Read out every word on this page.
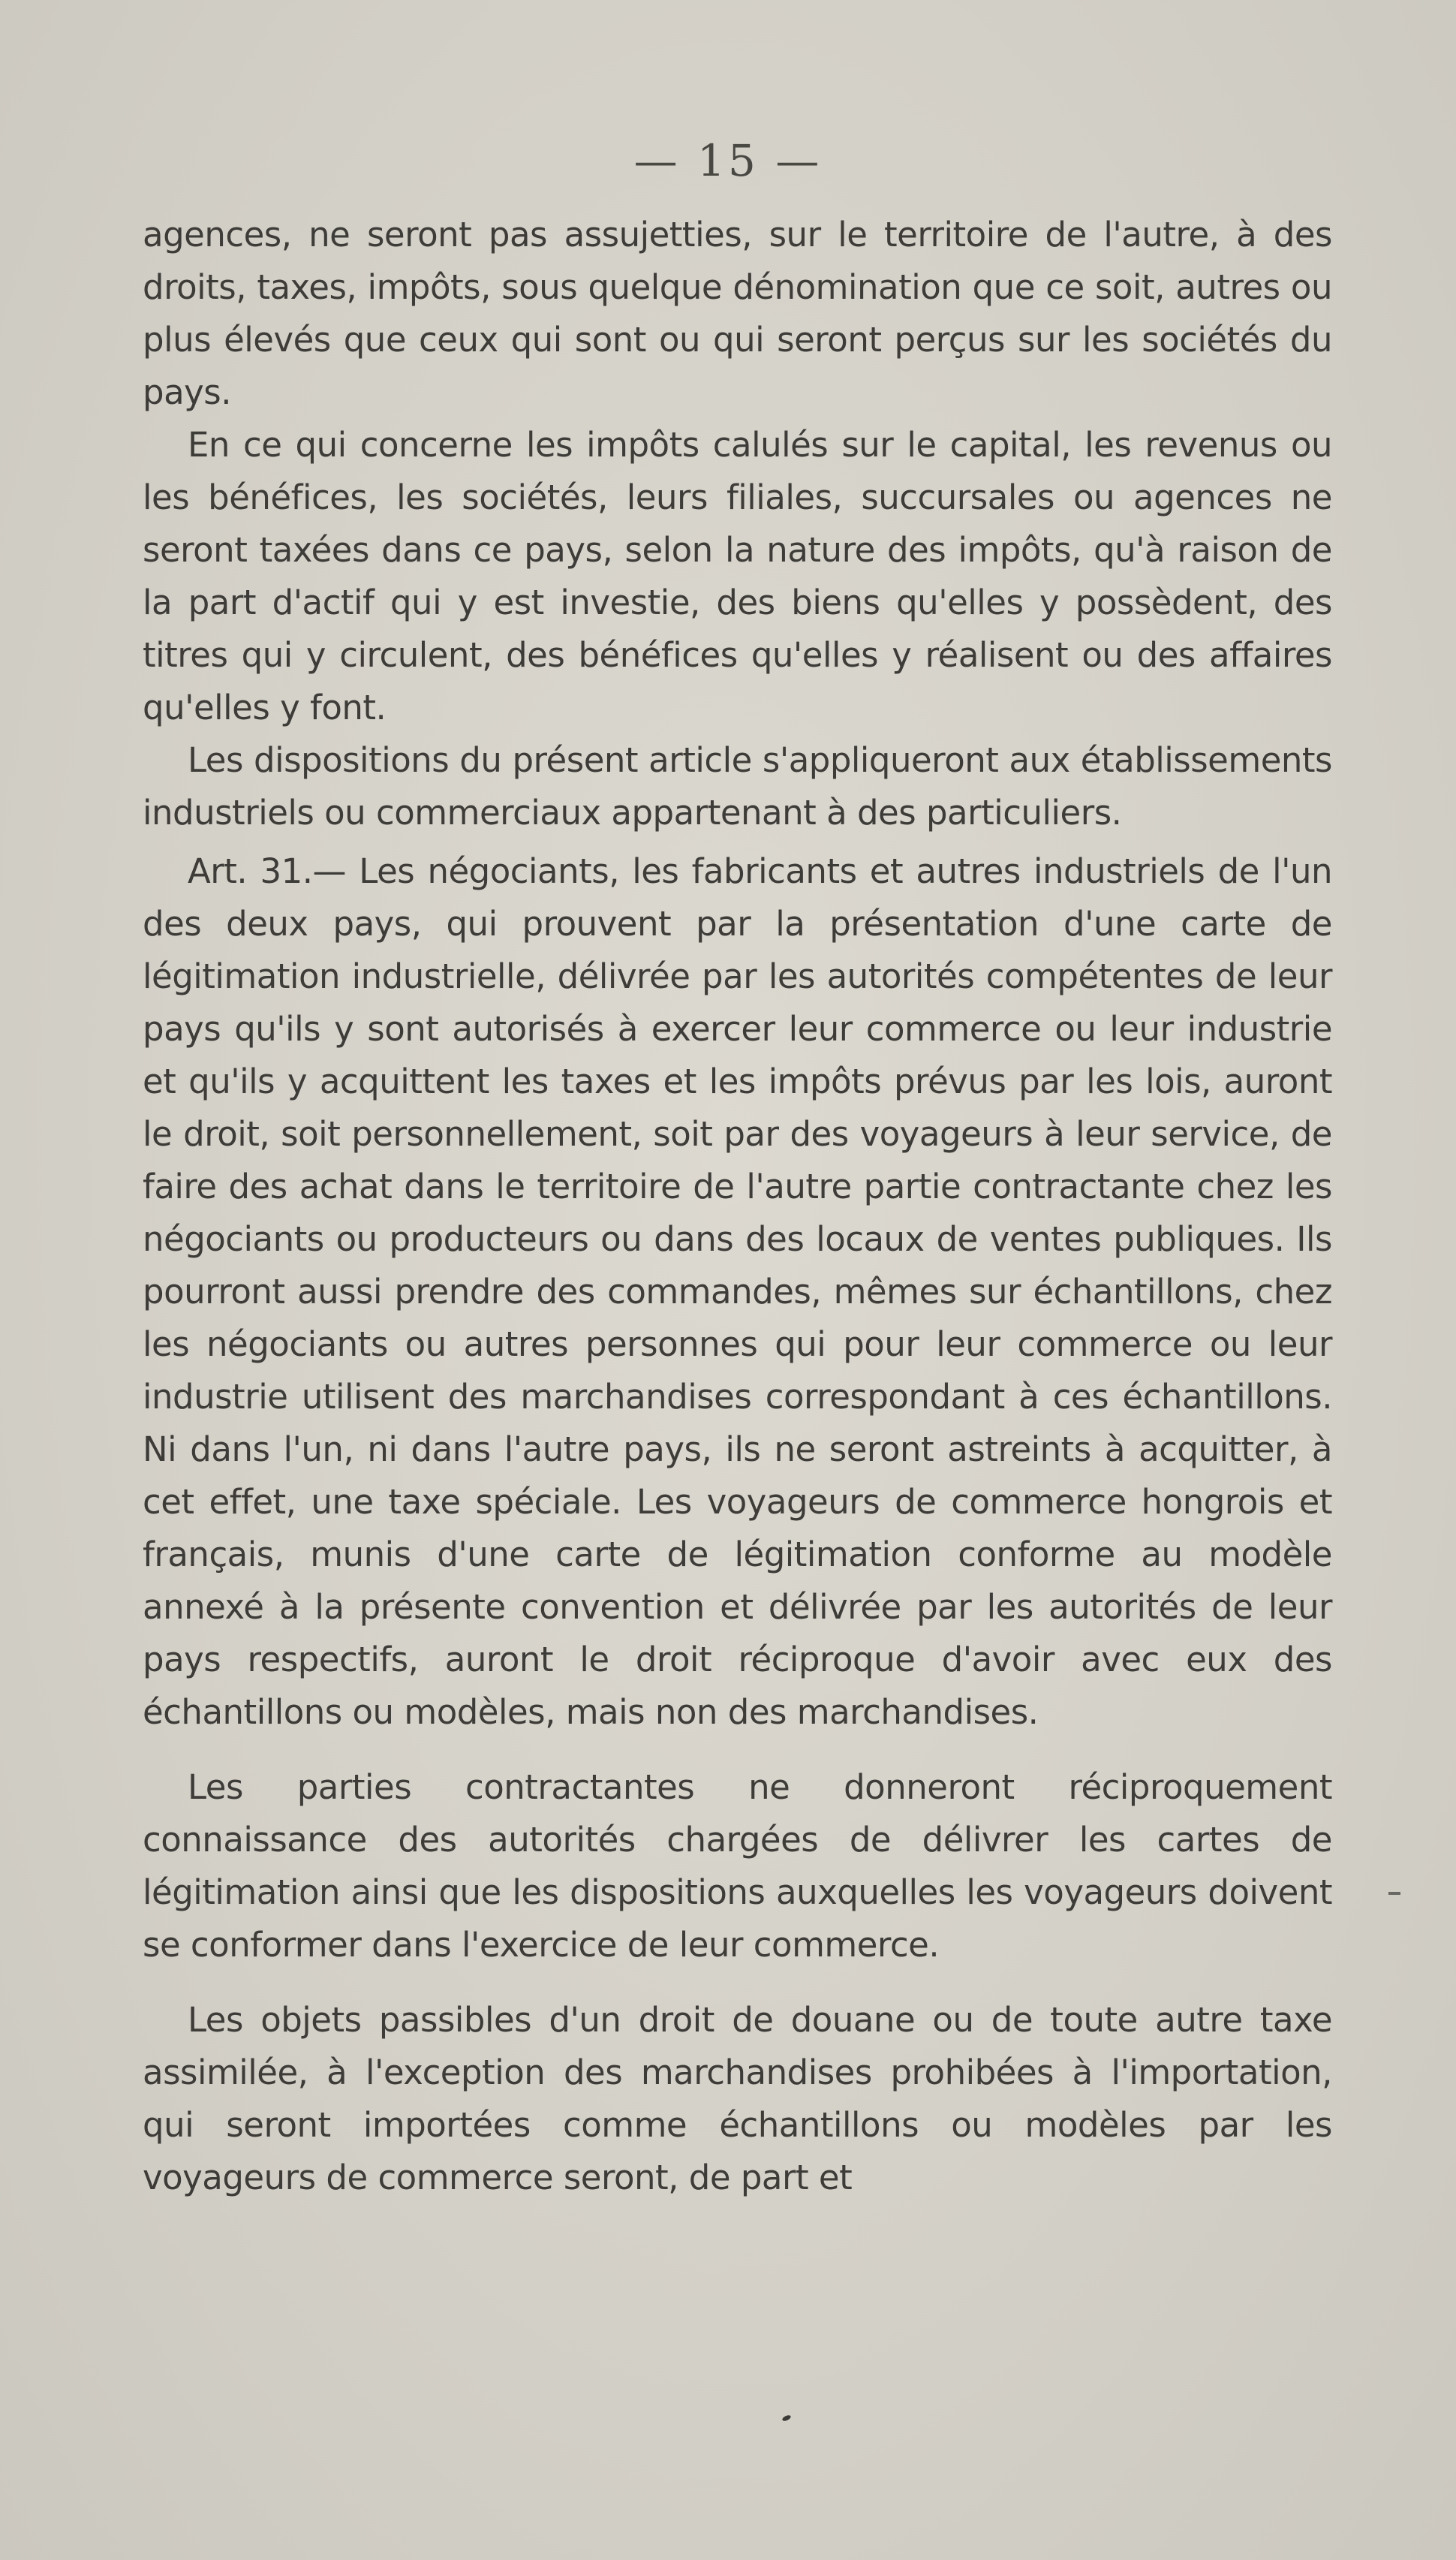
— 15 —

agences, ne seront pas assujetties, sur le territoire de l'autre, à des droits, taxes, impôts, sous quelque dénomination que ce soit, autres ou plus élevés que ceux qui sont ou qui seront perçus sur les sociétés du pays.

En ce qui concerne les impôts calulés sur le capital, les revenus ou les bénéfices, les sociétés, leurs filiales, succursales ou agences ne seront taxées dans ce pays, selon la nature des impôts, qu'à raison de la part d'actif qui y est investie, des biens qu'elles y possèdent, des titres qui y circulent, des bénéfices qu'elles y réalisent ou des affaires qu'elles y font.

Les dispositions du présent article s'appliqueront aux établissements industriels ou commerciaux appartenant à des particuliers.

Art. 31.— Les négociants, les fabricants et autres industriels de l'un des deux pays, qui prouvent par la présentation d'une carte de légitimation industrielle, délivrée par les autorités compétentes de leur pays qu'ils y sont autorisés à exercer leur commerce ou leur industrie et qu'ils y acquittent les taxes et les impôts prévus par les lois, auront le droit, soit personnellement, soit par des voyageurs à leur service, de faire des achat dans le territoire de l'autre partie contractante chez les négociants ou producteurs ou dans des locaux de ventes publiques. Ils pourront aussi prendre des commandes, mêmes sur échantillons, chez les négociants ou autres personnes qui pour leur commerce ou leur industrie utilisent des marchandises correspondant à ces échantillons. Ni dans l'un, ni dans l'autre pays, ils ne seront astreints à acquitter, à cet effet, une taxe spéciale. Les voyageurs de commerce hongrois et français, munis d'une carte de légitimation conforme au modèle annexé à la présente convention et délivrée par les autorités de leur pays respectifs, auront le droit réciproque d'avoir avec eux des échantillons ou modèles, mais non des marchandises.

Les parties contractantes ne donneront réciproquement connaissance des autorités chargées de délivrer les cartes de légitimation ainsi que les dispositions auxquelles les voyageurs doivent se conformer dans l'exercice de leur commerce.

Les objets passibles d'un droit de douane ou de toute autre taxe assimilée, à l'exception des marchandises prohibées à l'importation, qui seront importées comme échantillons ou modèles par les voyageurs de commerce seront, de part et
